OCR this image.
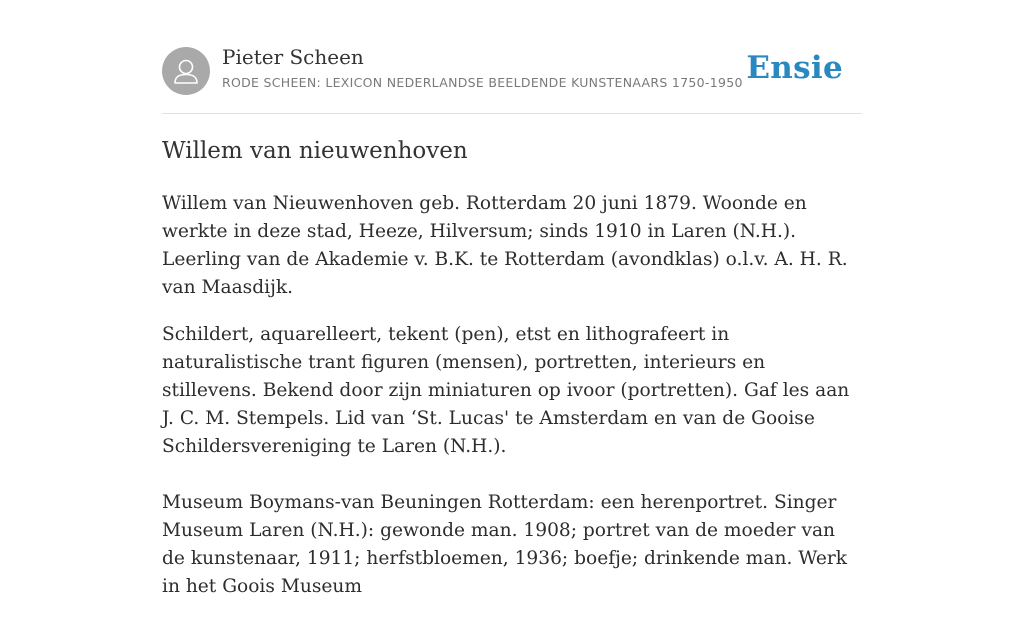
Pieter Scheen
RODE SCHEEN: LEXICON NEDERLANDSE BEELDENDE KUNSTENAARS 1750-1950 Ensie
Willem van nieuwenhoven

Willem van Nieuwenhoven geb. Rotterdam 20 juni 1879. Woonde en werkte in deze stad, Heeze, Hilversum; sinds 1910 in Laren (N.H.). Leerling van de Akademie v. B.K. te Rotterdam (avondklas) o.l.v. A. H. R. van Maasdijk.

Schildert, aquarelleert, tekent (pen), etst en lithografeert in naturalistische trant figuren (mensen), portretten, interieurs en stillevens. Bekend door zijn miniaturen op ivoor (portretten). Gaf les aan J. C. M. Stempels. Lid van ‘St. Lucas' te Amsterdam en van de Gooise Schildersvereniging te Laren (N.H.).

Museum Boymans-van Beuningen Rotterdam: een herenportret. Singer Museum Laren (N.H.): gewonde man. 1908; portret van de moeder van de kunstenaar, 1911; herfstbloemen, 1936; boefje; drinkende man. Werk in het Goois Museum
